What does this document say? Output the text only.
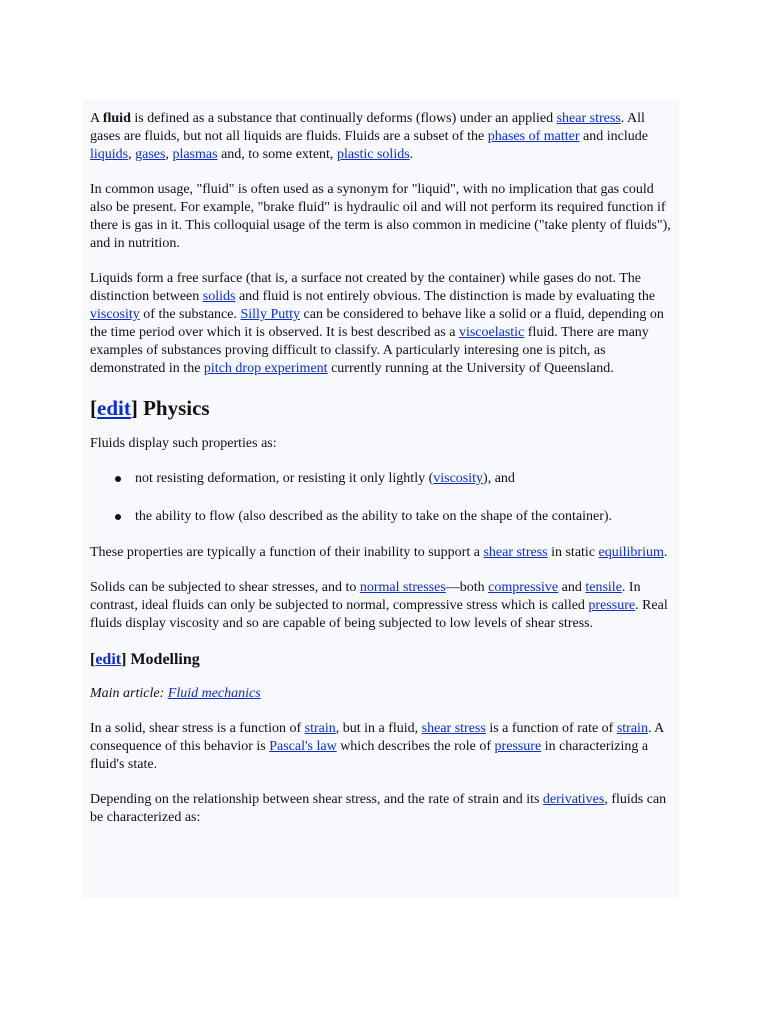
A fluid is defined as a substance that continually deforms (flows) under an applied shear stress. All gases are fluids, but not all liquids are fluids. Fluids are a subset of the phases of matter and include liquids, gases, plasmas and, to some extent, plastic solids.

In common usage, "fluid" is often used as a synonym for "liquid", with no implication that gas could also be present. For example, "brake fluid" is hydraulic oil and will not perform its required function if there is gas in it. This colloquial usage of the term is also common in medicine ("take plenty of fluids"), and in nutrition.

Liquids form a free surface (that is, a surface not created by the container) while gases do not. The distinction between solids and fluid is not entirely obvious. The distinction is made by evaluating the viscosity of the substance. Silly Putty can be considered to behave like a solid or a fluid, depending on the time period over which it is observed. It is best described as a viscoelastic fluid. There are many examples of substances proving difficult to classify. A particularly interesing one is pitch, as demonstrated in the pitch drop experiment currently running at the University of Queensland.

[edit] Physics

Fluids display such properties as:

not resisting deformation, or resisting it only lightly (viscosity), and
the ability to flow (also described as the ability to take on the shape of the container).

These properties are typically a function of their inability to support a shear stress in static equilibrium.

Solids can be subjected to shear stresses, and to normal stresses—both compressive and tensile. In contrast, ideal fluids can only be subjected to normal, compressive stress which is called pressure. Real fluids display viscosity and so are capable of being subjected to low levels of shear stress.

[edit] Modelling

Main article: Fluid mechanics

In a solid, shear stress is a function of strain, but in a fluid, shear stress is a function of rate of strain. A consequence of this behavior is Pascal's law which describes the role of pressure in characterizing a fluid's state.

Depending on the relationship between shear stress, and the rate of strain and its derivatives, fluids can be characterized as:
